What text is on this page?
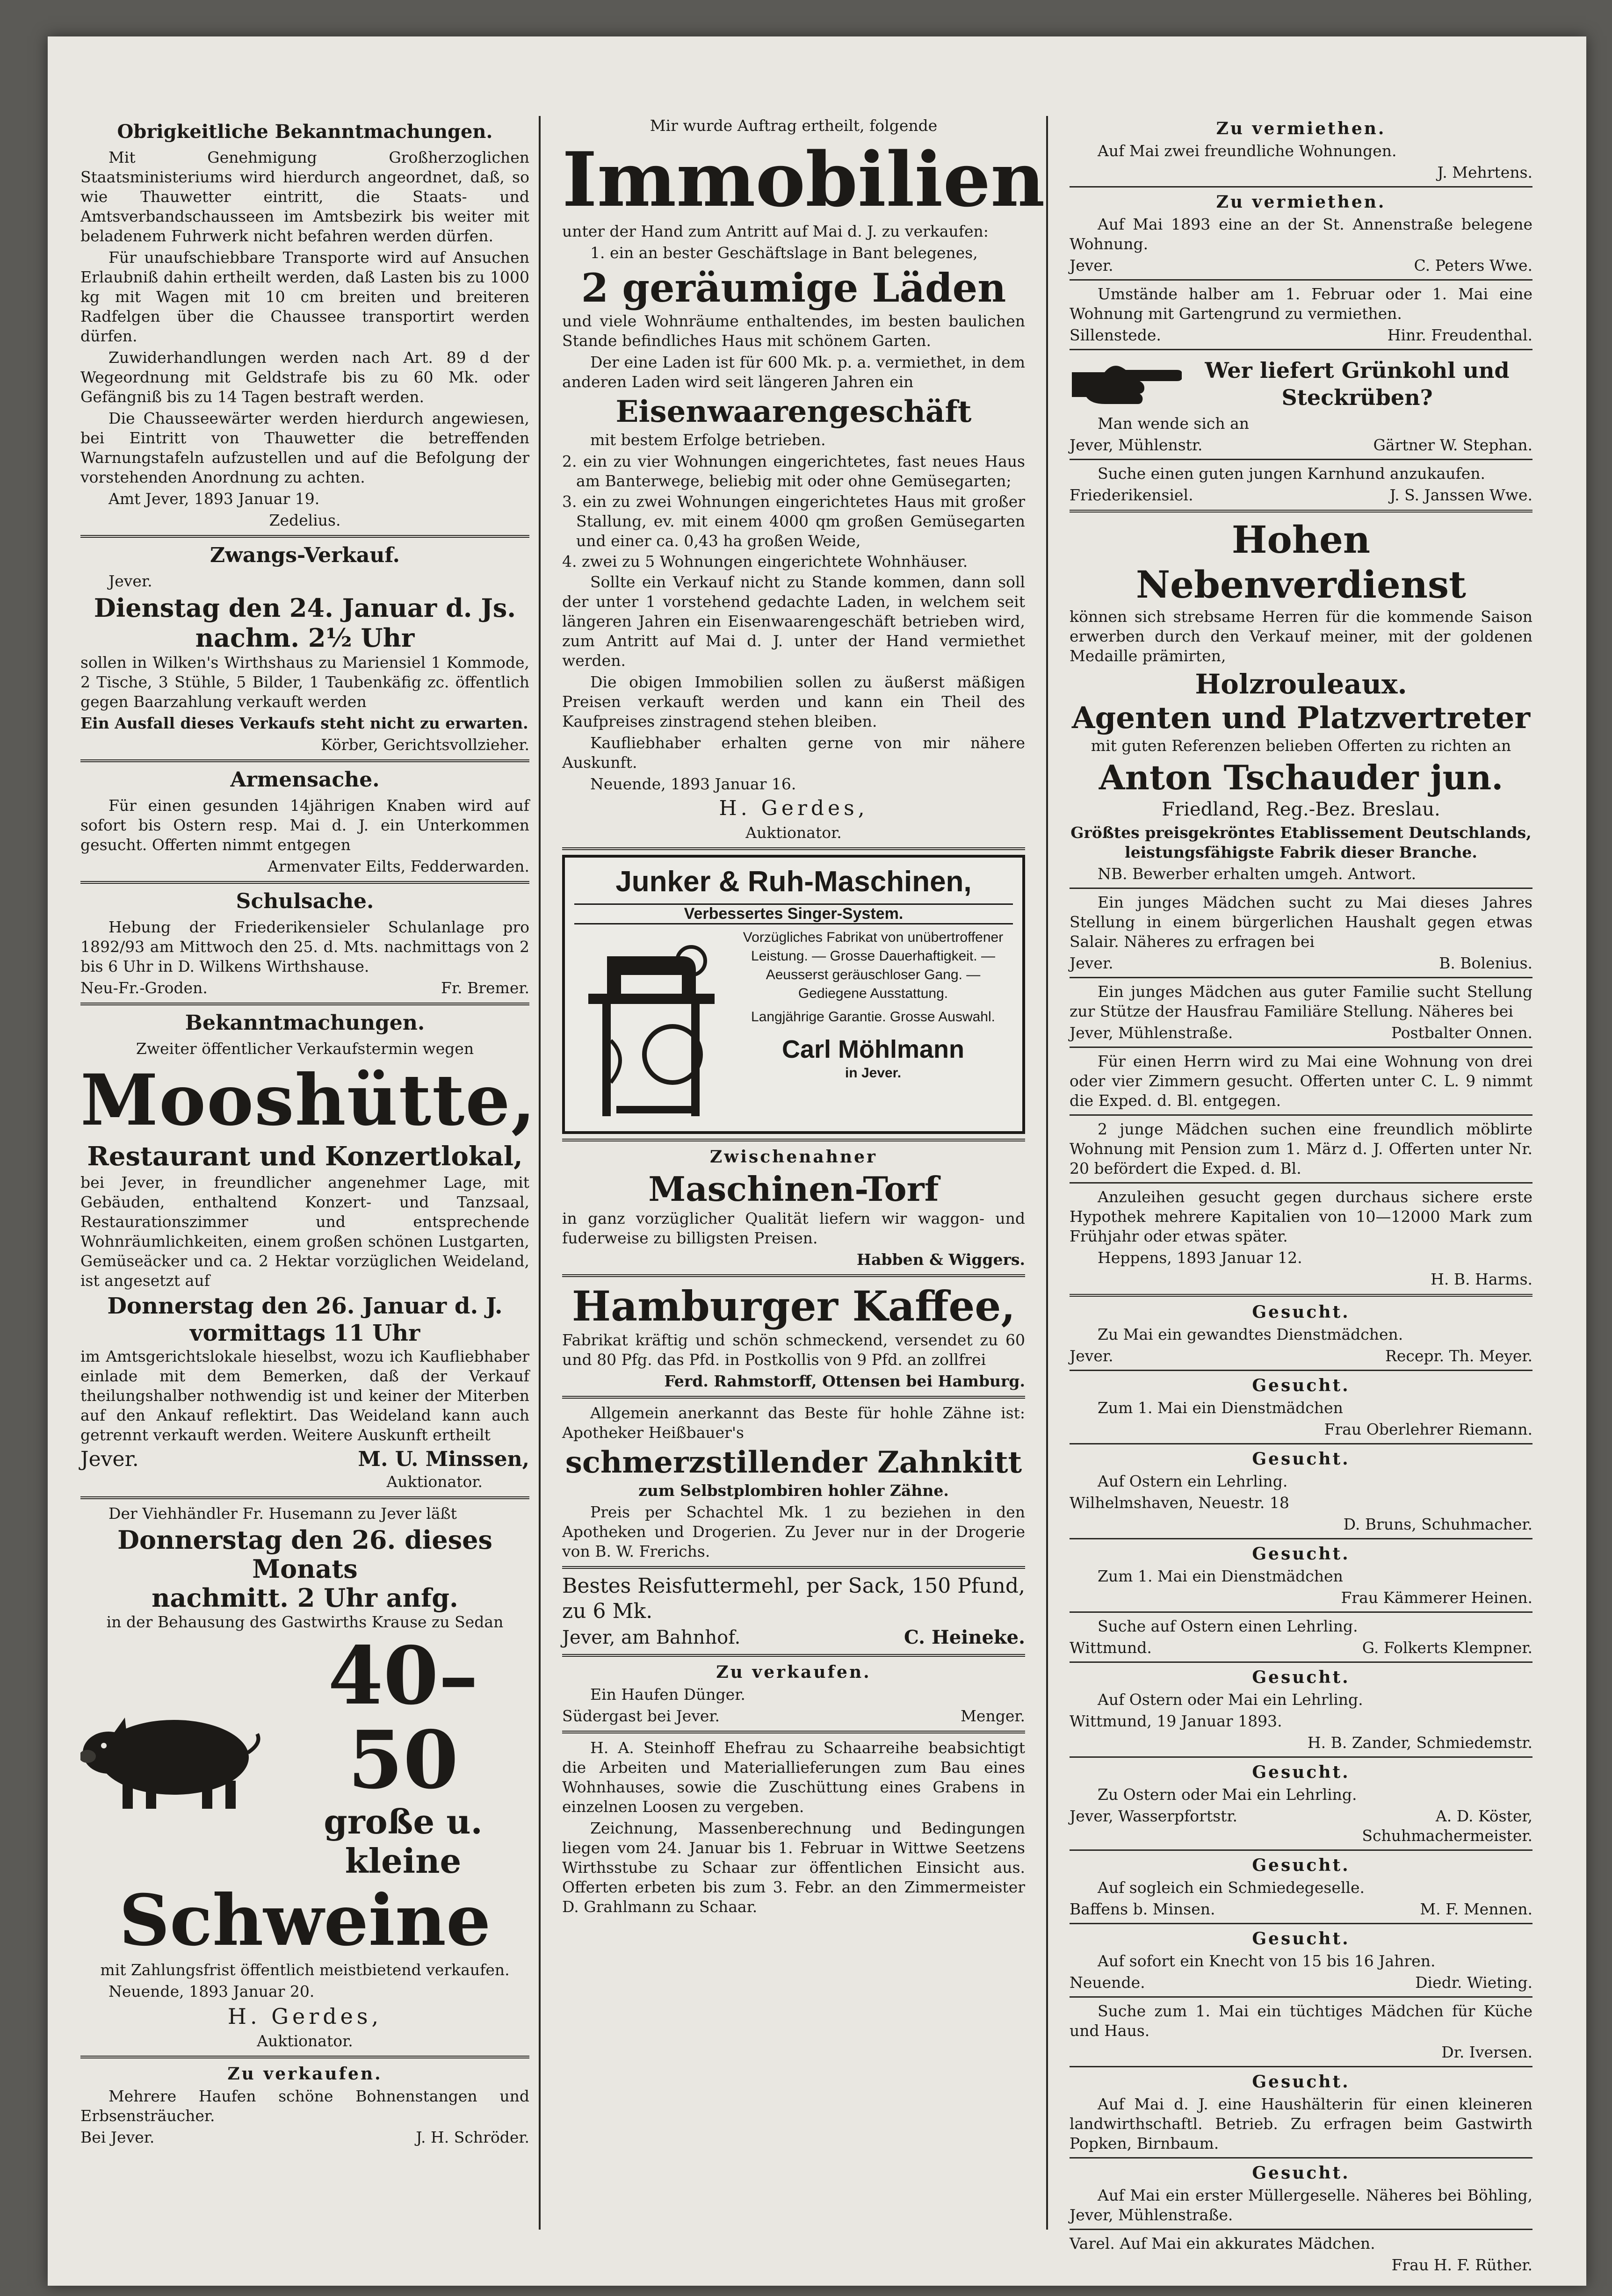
Obrigkeitliche Bekanntmachungen.

Mit Genehmigung Großherzoglichen Staatsministeriums wird hierdurch angeordnet, daß, so wie Thauwetter eintritt, die Staats- und Amtsverbandschausseen im Amtsbezirk bis weiter mit beladenem Fuhrwerk nicht befahren werden dürfen.

Für unaufschiebbare Transporte wird auf Ansuchen Erlaubniß dahin ertheilt werden, daß Lasten bis zu 1000 kg mit Wagen mit 10 cm breiten und breiteren Radfelgen über die Chaussee transportirt werden dürfen.

Zuwiderhandlungen werden nach Art. 89 d der Wegeordnung mit Geldstrafe bis zu 60 Mk. oder Gefängniß bis zu 14 Tagen bestraft werden.

Die Chausseewärter werden hierdurch angewiesen, bei Eintritt von Thauwetter die betreffenden Warnungstafeln aufzustellen und auf die Befolgung der vorstehenden Anordnung zu achten.

Amt Jever, 1893 Januar 19.

Zedelius.

Zwangs-Verkauf.

Jever.

Dienstag den 24. Januar d. Js.
nachm. 2½ Uhr

sollen in Wilken's Wirthshaus zu Mariensiel 1 Kommode, 2 Tische, 3 Stühle, 5 Bilder, 1 Taubenkäfig zc. öffentlich gegen Baarzahlung verkauft werden

Ein Ausfall dieses Verkaufs steht nicht zu erwarten.

Körber, Gerichtsvollzieher.

Armensache.

Für einen gesunden 14jährigen Knaben wird auf sofort bis Ostern resp. Mai d. J. ein Unterkommen gesucht. Offerten nimmt entgegen

Armenvater Eilts, Fedderwarden.

Schulsache.

Hebung der Friederikensieler Schulanlage pro 1892/93 am Mittwoch den 25. d. Mts. nachmittags von 2 bis 6 Uhr in D. Wilkens Wirthshause.

Neu-Fr.-Groden.	Fr. Bremer.
Bekanntmachungen.

Zweiter öffentlicher Verkaufstermin wegen

Mooshütte,
Restaurant und Konzertlokal,

bei Jever, in freundlicher angenehmer Lage, mit Gebäuden, enthaltend Konzert- und Tanzsaal, Restaurationszimmer und entsprechende Wohnräumlichkeiten, einem großen schönen Lustgarten, Gemüseäcker und ca. 2 Hektar vorzüglichen Weideland, ist angesetzt auf

Donnerstag den 26. Januar d. J.
vormittags 11 Uhr

im Amtsgerichtslokale hieselbst, wozu ich Kaufliebhaber einlade mit dem Bemerken, daß der Verkauf theilungshalber nothwendig ist und keiner der Miterben auf den Ankauf reflektirt. Das Weideland kann auch getrennt verkauft werden. Weitere Auskunft ertheilt

Jever.	M. U. Minssen,

Auktionator.

Der Viehhändler Fr. Husemann zu Jever läßt

Donnerstag den 26. dieses Monats
nachmitt. 2 Uhr anfg.

in der Behausung des Gastwirths Krause zu Sedan

40–50
große u. kleine
Schweine

mit Zahlungsfrist öffentlich meistbietend verkaufen.

Neuende, 1893 Januar 20.

H. Gerdes,

Auktionator.

Zu verkaufen.

Mehrere Haufen schöne Bohnenstangen und Erbsensträucher.

Bei Jever.	J. H. Schröder.

Mir wurde Auftrag ertheilt, folgende

Immobilien

unter der Hand zum Antritt auf Mai d. J. zu verkaufen:

1. ein an bester Geschäftslage in Bant belegenes,

2 geräumige Läden

und viele Wohnräume enthaltendes, im besten baulichen Stande befindliches Haus mit schönem Garten.

Der eine Laden ist für 600 Mk. p. a. vermiethet, in dem anderen Laden wird seit längeren Jahren ein

Eisenwaarengeschäft

mit bestem Erfolge betrieben.

2. ein zu vier Wohnungen eingerichtetes, fast neues Haus am Banterwege, beliebig mit oder ohne Gemüsegarten;

3. ein zu zwei Wohnungen eingerichtetes Haus mit großer Stallung, ev. mit einem 4000 qm großen Gemüsegarten und einer ca. 0,43 ha großen Weide,

4. zwei zu 5 Wohnungen eingerichtete Wohnhäuser.

Sollte ein Verkauf nicht zu Stande kommen, dann soll der unter 1 vorstehend gedachte Laden, in welchem seit längeren Jahren ein Eisenwaarengeschäft betrieben wird, zum Antritt auf Mai d. J. unter der Hand vermiethet werden.

Die obigen Immobilien sollen zu äußerst mäßigen Preisen verkauft werden und kann ein Theil des Kaufpreises zinstragend stehen bleiben.

Kaufliebhaber erhalten gerne von mir nähere Auskunft.

Neuende, 1893 Januar 16.

H. Gerdes,

Auktionator.

Junker & Ruh-Maschinen,
Verbessertes Singer-System.
Vorzügliches Fabrikat von unübertroffener Leistung. — Grosse Dauerhaftigkeit. — Aeusserst geräuschloser Gang. — Gediegene Ausstattung.
Langjährige Garantie. Grosse Auswahl.
Carl Möhlmann
in Jever.
Zwischenahner
Maschinen-Torf

in ganz vorzüglicher Qualität liefern wir waggon- und fuderweise zu billigsten Preisen.

Habben & Wiggers.

Hamburger Kaffee,

Fabrikat kräftig und schön schmeckend, versendet zu 60 und 80 Pfg. das Pfd. in Postkollis von 9 Pfd. an zollfrei

Ferd. Rahmstorff, Ottensen bei Hamburg.

Allgemein anerkannt das Beste für hohle Zähne ist: Apotheker Heißbauer's

schmerzstillender Zahnkitt

zum Selbstplombiren hohler Zähne.

Preis per Schachtel Mk. 1 zu beziehen in den Apotheken und Drogerien. Zu Jever nur in der Drogerie von B. W. Frerichs.

Bestes Reisfuttermehl, per Sack, 150 Pfund, zu 6 Mk.

Jever, am Bahnhof.	C. Heineke.
Zu verkaufen.

Ein Haufen Dünger.

Südergast bei Jever.	Menger.

H. A. Steinhoff Ehefrau zu Schaarreihe beabsichtigt die Arbeiten und Materiallieferungen zum Bau eines Wohnhauses, sowie die Zuschüttung eines Grabens in einzelnen Loosen zu vergeben.

Zeichnung, Massenberechnung und Bedingungen liegen vom 24. Januar bis 1. Februar in Wittwe Seetzens Wirthsstube zu Schaar zur öffentlichen Einsicht aus. Offerten erbeten bis zum 3. Febr. an den Zimmermeister D. Grahlmann zu Schaar.

Zu vermiethen.

Auf Mai zwei freundliche Wohnungen.

J. Mehrtens.

Zu vermiethen.

Auf Mai 1893 eine an der St. Annenstraße belegene Wohnung.

Jever.	C. Peters Wwe.

Umstände halber am 1. Februar oder 1. Mai eine Wohnung mit Gartengrund zu vermiethen.

Sillenstede.	Hinr. Freudenthal.
Wer liefert Grünkohl und Steckrüben?

Man wende sich an

Jever, Mühlenstr.	Gärtner W. Stephan.

Suche einen guten jungen Karnhund anzukaufen.

Friederikensiel.	J. S. Janssen Wwe.
Hohen Nebenverdienst

können sich strebsame Herren für die kommende Saison erwerben durch den Verkauf meiner, mit der goldenen Medaille prämirten,

Holzrouleaux.
Agenten und Platzvertreter

mit guten Referenzen belieben Offerten zu richten an

Anton Tschauder jun.

Friedland, Reg.-Bez. Breslau.

Größtes preisgekröntes Etablissement Deutschlands, leistungsfähigste Fabrik dieser Branche.

NB. Bewerber erhalten umgeh. Antwort.

Ein junges Mädchen sucht zu Mai dieses Jahres Stellung in einem bürgerlichen Haushalt gegen etwas Salair. Näheres zu erfragen bei

Jever.	B. Bolenius.

Ein junges Mädchen aus guter Familie sucht Stellung zur Stütze der Hausfrau Familiäre Stellung. Näheres bei

Jever, Mühlenstraße.	Postbalter Onnen.

Für einen Herrn wird zu Mai eine Wohnung von drei oder vier Zimmern gesucht. Offerten unter C. L. 9 nimmt die Exped. d. Bl. entgegen.

2 junge Mädchen suchen eine freundlich möblirte Wohnung mit Pension zum 1. März d. J. Offerten unter Nr. 20 befördert die Exped. d. Bl.

Anzuleihen gesucht gegen durchaus sichere erste Hypothek mehrere Kapitalien von 10—12000 Mark zum Frühjahr oder etwas später.

Heppens, 1893 Januar 12.

H. B. Harms.

Gesucht.

Zu Mai ein gewandtes Dienstmädchen.

Jever.	Recepr. Th. Meyer.
Gesucht.

Zum 1. Mai ein Dienstmädchen

Frau Oberlehrer Riemann.

Gesucht.

Auf Ostern ein Lehrling.

Wilhelmshaven, Neuestr. 18

D. Bruns, Schuhmacher.

Gesucht.

Zum 1. Mai ein Dienstmädchen

Frau Kämmerer Heinen.

Suche auf Ostern einen Lehrling.

Wittmund.	G. Folkerts Klempner.
Gesucht.

Auf Ostern oder Mai ein Lehrling.

Wittmund, 19 Januar 1893.

H. B. Zander, Schmiedemstr.

Gesucht.

Zu Ostern oder Mai ein Lehrling.

Jever, Wasserpfortstr.	A. D. Köster,

Schuhmachermeister.

Gesucht.

Auf sogleich ein Schmiedegeselle.

Baffens b. Minsen.	M. F. Mennen.
Gesucht.

Auf sofort ein Knecht von 15 bis 16 Jahren.

Neuende.	Diedr. Wieting.

Suche zum 1. Mai ein tüchtiges Mädchen für Küche und Haus.

Dr. Iversen.

Gesucht.

Auf Mai d. J. eine Haushälterin für einen kleineren landwirthschaftl. Betrieb. Zu erfragen beim Gastwirth Popken, Birnbaum.

Gesucht.

Auf Mai ein erster Müllergeselle. Näheres bei Böhling, Jever, Mühlenstraße.

Varel. Auf Mai ein akkurates Mädchen.

Frau H. F. Rüther.
